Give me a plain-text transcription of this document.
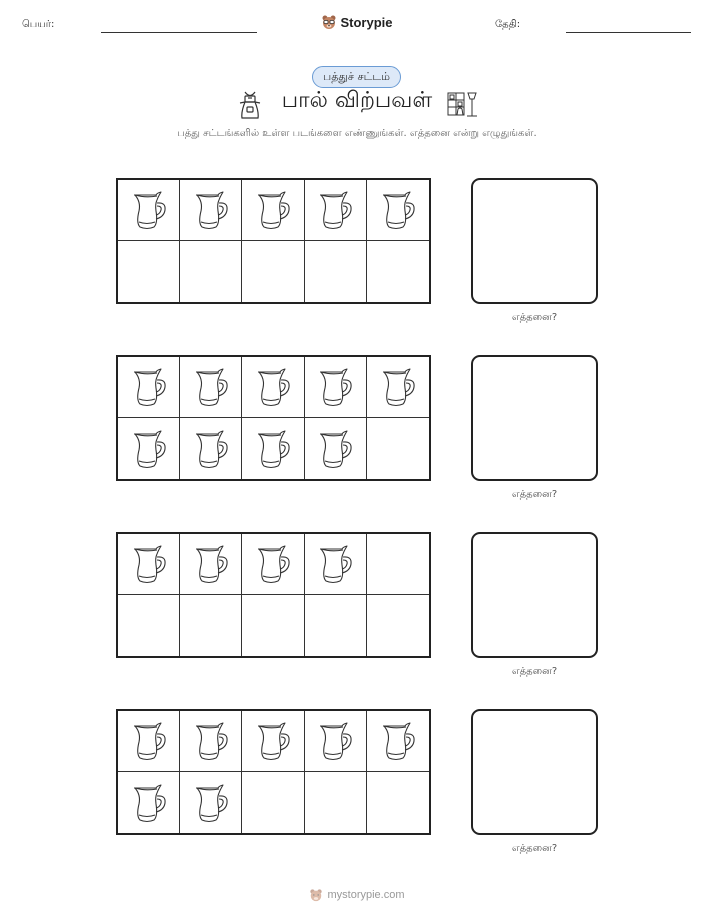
பெயர்:	Storypie	தேதி:
பத்துச் சட்டம்
பால் விற்பவள்
பத்து சட்டங்களில் உள்ள படங்களை எண்ணுங்கள். எத்தனை என்று எழுதுங்கள்.
எத்தனை?
எத்தனை?
எத்தனை?
எத்தனை?
mystorypie.com
